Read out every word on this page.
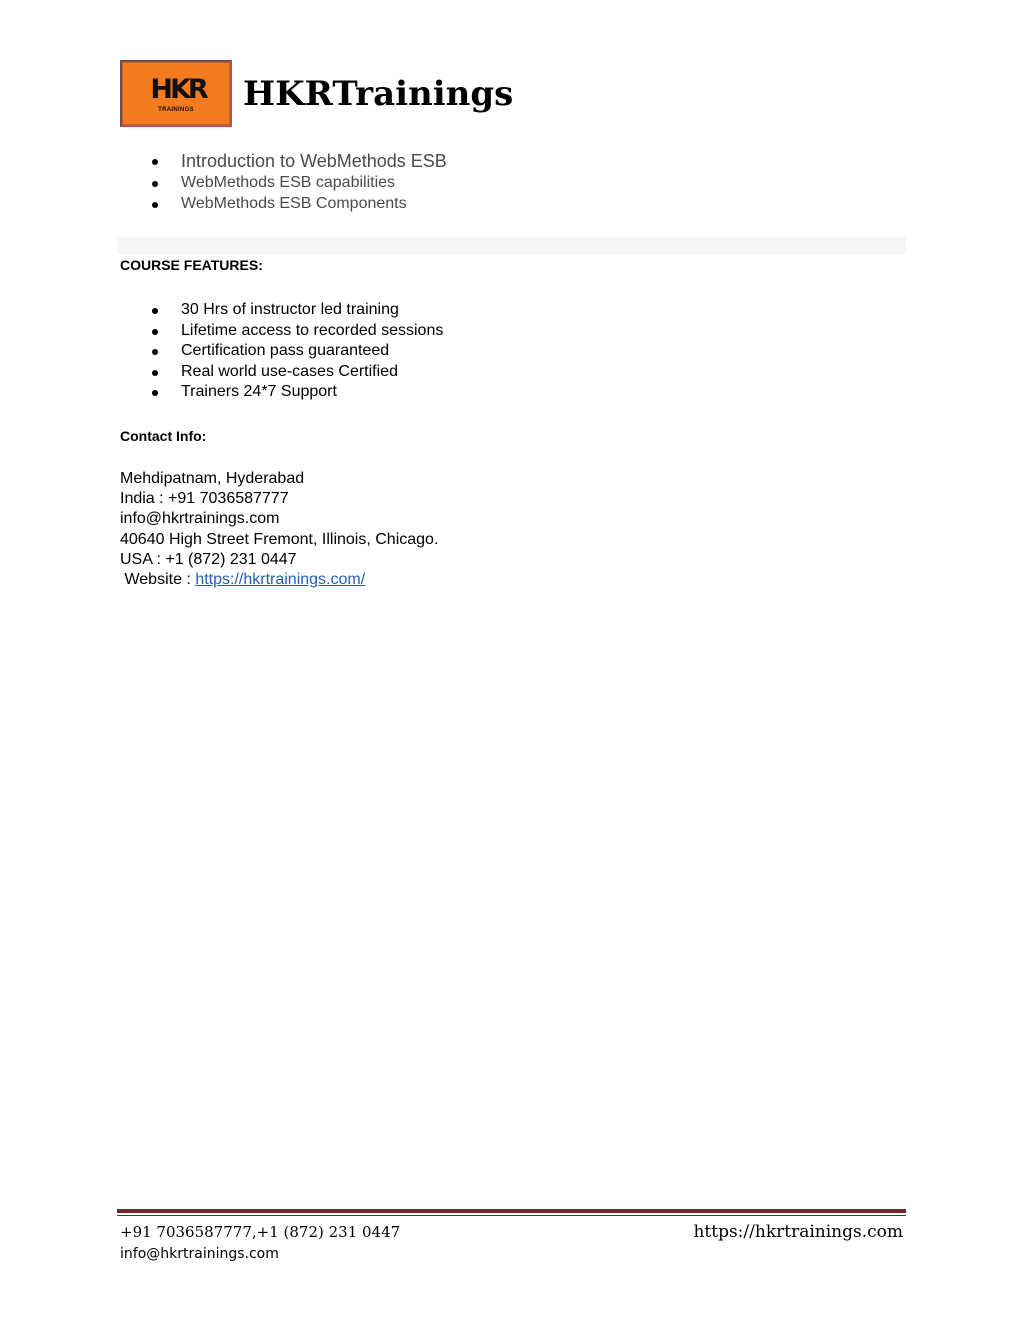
HKR
TRAININGS	HKRTrainings
Introduction to WebMethods ESB
WebMethods ESB capabilities
WebMethods ESB Components
COURSE FEATURES:
30 Hrs of instructor led training
Lifetime access to recorded sessions
Certification pass guaranteed
Real world use-cases Certified
Trainers 24*7 Support
Contact Info:
Mehdipatnam, Hyderabad
India : +91 7036587777
info@hkrtrainings.com
40640 High Street Fremont, Illinois, Chicago.
USA : +1 (872) 231 0447
Website : https://hkrtrainings.com/
+91 7036587777,+1 (872) 231 0447
info@hkrtrainings.com
https://hkrtrainings.com
